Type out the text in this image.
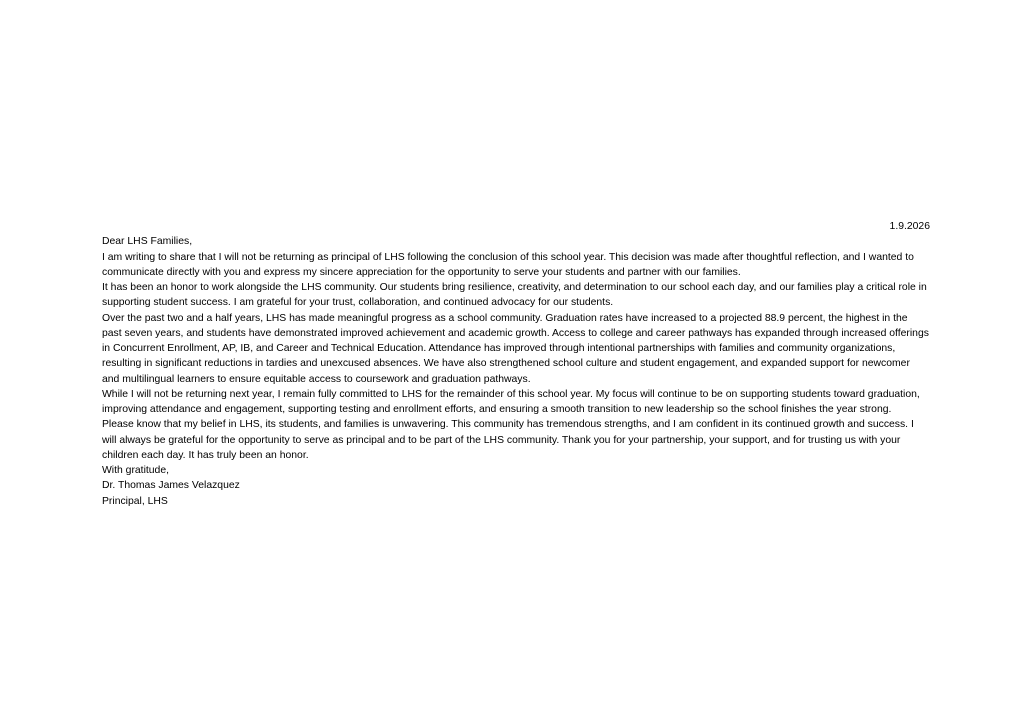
1.9.2026

Dear LHS Families,

I am writing to share that I will not be returning as principal of LHS following the conclusion of this school year. This decision was made after thoughtful reflection, and I wanted to communicate directly with you and express my sincere appreciation for the opportunity to serve your students and partner with our families.

It has been an honor to work alongside the LHS community. Our students bring resilience, creativity, and determination to our school each day, and our families play a critical role in supporting student success. I am grateful for your trust, collaboration, and continued advocacy for our students.

Over the past two and a half years, LHS has made meaningful progress as a school community. Graduation rates have increased to a projected 88.9 percent, the highest in the past seven years, and students have demonstrated improved achievement and academic growth. Access to college and career pathways has expanded through increased offerings in Concurrent Enrollment, AP, IB, and Career and Technical Education. Attendance has improved through intentional partnerships with families and community organizations, resulting in significant reductions in tardies and unexcused absences. We have also strengthened school culture and student engagement, and expanded support for newcomer and multilingual learners to ensure equitable access to coursework and graduation pathways.

While I will not be returning next year, I remain fully committed to LHS for the remainder of this school year. My focus will continue to be on supporting students toward graduation, improving attendance and engagement, supporting testing and enrollment efforts, and ensuring a smooth transition to new leadership so the school finishes the year strong.

Please know that my belief in LHS, its students, and families is unwavering. This community has tremendous strengths, and I am confident in its continued growth and success. I will always be grateful for the opportunity to serve as principal and to be part of the LHS community. Thank you for your partnership, your support, and for trusting us with your children each day. It has truly been an honor.

With gratitude,

Dr. Thomas James Velazquez

Principal, LHS
